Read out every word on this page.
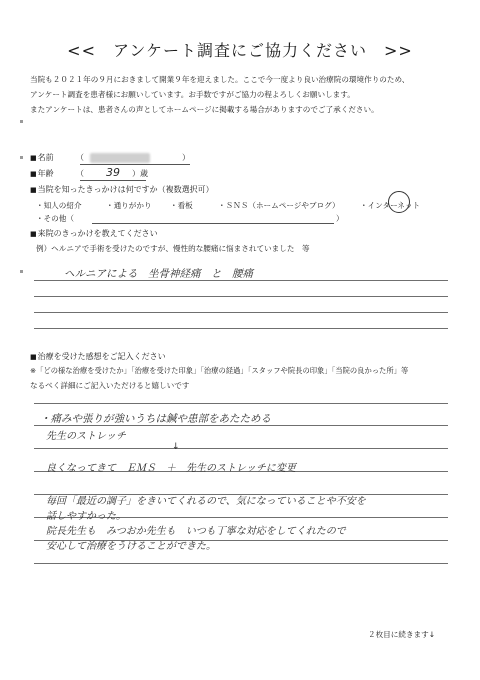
<<　アンケート調査にご協力ください　>>
当院も２０２１年の９月におきまして開業９年を迎えました。ここで今一度より良い治療院の環境作りのため、
アンケート調査を患者様にお願いしています。お手数ですがご協力の程よろしくお願いします。
またアンケートは、患者さんの声としてホームページに掲載する場合がありますのでご了承ください。
■名前	（	）
■年齢	（ 39 ）歳
■当院を知ったきっかけは何ですか（複数選択可）
・知人の紹介	・通りがかり ・看板	・ＳＮＳ（ホームページやブログ）	・インターネット
・その他（	）
■来院のきっかけを教えてください
例）ヘルニアで手術を受けたのですが、慢性的な腰痛に悩まされていました　等
ヘルニアによる　坐骨神経痛　と　腰痛
■治療を受けた感想をご記入ください
※「どの様な治療を受けたか」「治療を受けた印象」「治療の経過」「スタッフや院長の印象」「当院の良かった所」等
なるべく詳細にご記入いただけると嬉しいです
・痛みや張りが強いうちは鍼や患部をあたためる
先生のストレッチ
↓
良くなってきて　ＥＭＳ　＋　先生のストレッチに変更
毎回「最近の調子」をきいてくれるので、気になっていることや不安を
話しやすかった。
院長先生も　みつおか先生も　いつも丁寧な対応をしてくれたので
安心して治療をうけることができた。
２枚目に続きます↓
